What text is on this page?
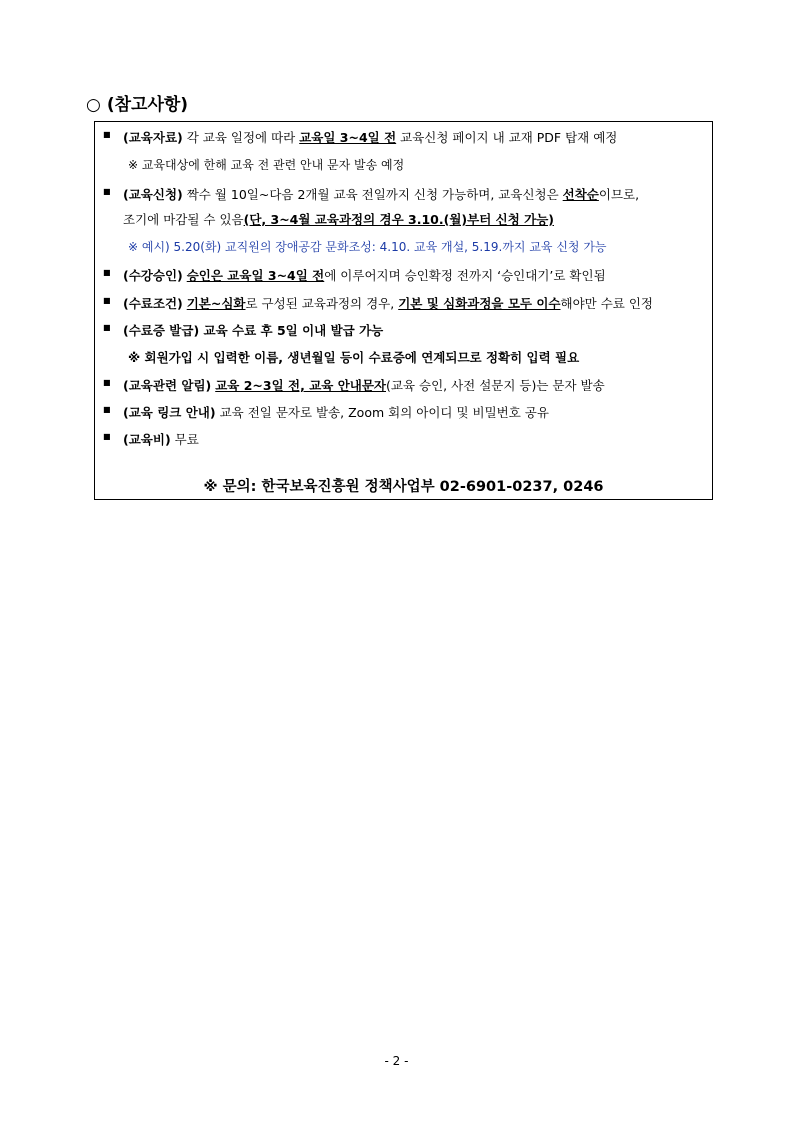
○ (참고사항)
■ (교육자료) 각 교육 일정에 따라 교육일 3~4일 전 교육신청 페이지 내 교재 PDF 탑재 예정
※ 교육대상에 한해 교육 전 관련 안내 문자 발송 예정
■ (교육신청) 짝수 월 10일~다음 2개월 교육 전일까지 신청 가능하며, 교육신청은 선착순이므로,
조기에 마감될 수 있음(단, 3~4월 교육과정의 경우 3.10.(월)부터 신청 가능)
※ 예시) 5.20(화) 교직원의 장애공감 문화조성: 4.10. 교육 개설, 5.19.까지 교육 신청 가능
■ (수강승인) 승인은 교육일 3~4일 전에 이루어지며 승인확정 전까지 ‘승인대기’로 확인됨
■ (수료조건) 기본~심화로 구성된 교육과정의 경우, 기본 및 심화과정을 모두 이수해야만 수료 인정
■ (수료증 발급) 교육 수료 후 5일 이내 발급 가능
※ 회원가입 시 입력한 이름, 생년월일 등이 수료증에 연계되므로 정확히 입력 필요
■ (교육관련 알림) 교육 2~3일 전, 교육 안내문자(교육 승인, 사전 설문지 등)는 문자 발송
■ (교육 링크 안내) 교육 전일 문자로 발송, Zoom 회의 아이디 및 비밀번호 공유
■ (교육비) 무료
※ 문의: 한국보육진흥원 정책사업부 02-6901-0237, 0246
- 2 -
